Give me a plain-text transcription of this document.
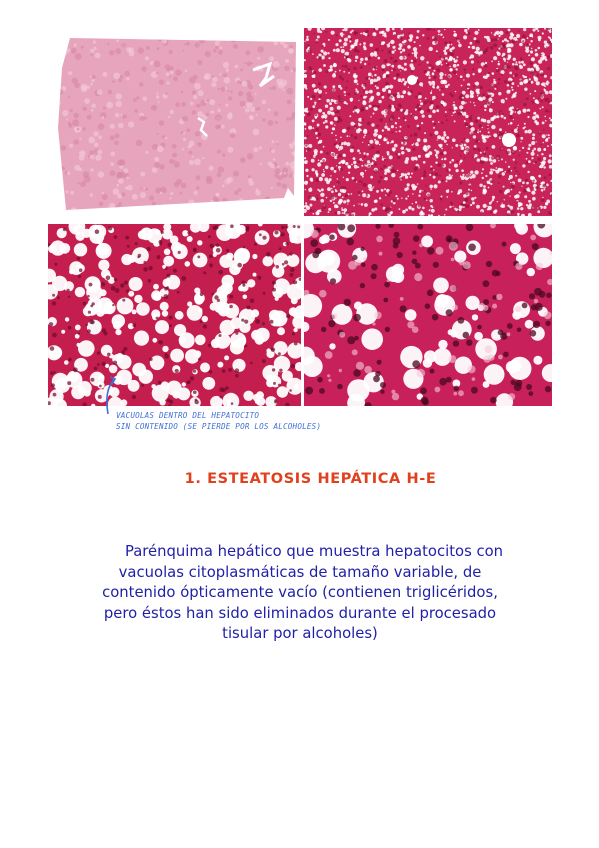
VACUOLAS DENTRO DEL HEPATOCITO
SIN CONTENIDO (SE PIERDE POR LOS ALCOHOLES)
1. ESTEATOSIS HEPÁTICA H-E
Parénquima hepático que muestra hepatocitos con
vacuolas citoplasmáticas de tamaño variable, de
contenido ópticamente vacío (contienen triglicéridos,
pero éstos han sido eliminados durante el procesado
tisular por alcoholes)
